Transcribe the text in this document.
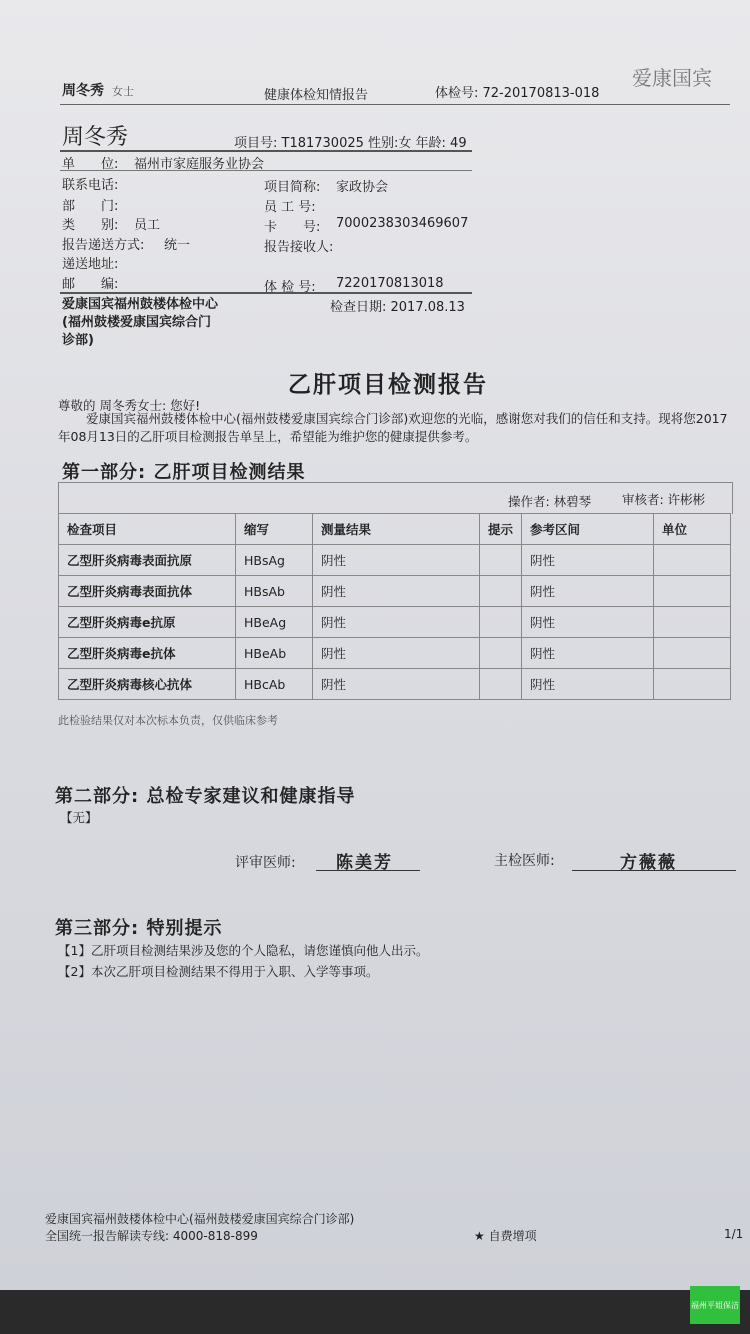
周冬秀 女士	健康体检知情报告	体检号: 72-20170813-018
爱康国宾
周冬秀	项目号: T181730025 性别:女 年龄: 49
单　　位: 福州市家庭服务业协会
联系电话:	项目简称: 家政协会
部　　门:	员 工 号:
类　　别: 员工	卡　　号: 7000238303469607
报告递送方式: 统一	报告接收人:
递送地址:
邮　　编:	体 检 号: 7220170813018
爱康国宾福州鼓楼体检中心
(福州鼓楼爱康国宾综合门
诊部)
检查日期: 2017.08.13
乙肝项目检测报告
尊敬的 周冬秀女士: 您好!
爱康国宾福州鼓楼体检中心(福州鼓楼爱康国宾综合门诊部)欢迎您的光临，感谢您对我们的信任和支持。现将您2017年08月13日的乙肝项目检测报告单呈上，希望能为维护您的健康提供参考。
第一部分: 乙肝项目检测结果
操作者: 林碧琴 审核者: 许彬彬
检查项目	缩写	测量结果	提示	参考区间	单位
乙型肝炎病毒表面抗原	HBsAg	阴性		阴性	
乙型肝炎病毒表面抗体	HBsAb	阴性		阴性	
乙型肝炎病毒e抗原	HBeAg	阴性		阴性	
乙型肝炎病毒e抗体	HBeAb	阴性		阴性	
乙型肝炎病毒核心抗体	HBcAb	阴性		阴性	
此检验结果仅对本次标本负责，仅供临床参考
第二部分: 总检专家建议和健康指导
【无】
评审医师: 陈美芳	主检医师:	方薇薇
第三部分: 特别提示
【1】乙肝项目检测结果涉及您的个人隐私，请您谨慎向他人出示。
【2】本次乙肝项目检测结果不得用于入职、入学等事项。
爱康国宾福州鼓楼体检中心(福州鼓楼爱康国宾综合门诊部)
全国统一报告解读专线: 4000-818-899	★ 自费增项	1/1
福州平姐保洁
